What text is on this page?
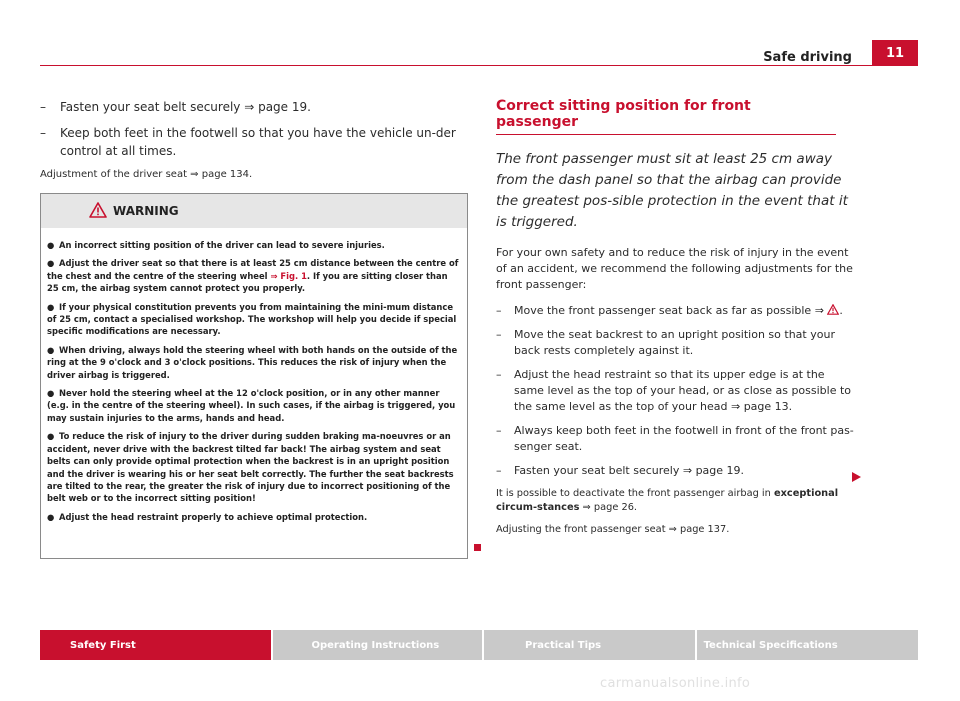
Safe driving	11
– Fasten your seat belt securely ⇒ page 19.
– Keep both feet in the footwell so that you have the vehicle un-der control at all times.

Adjustment of the driver seat ⇒ page 134.

WARNING
● An incorrect sitting position of the driver can lead to severe injuries.
● Adjust the driver seat so that there is at least 25 cm distance between the centre of the chest and the centre of the steering wheel ⇒ Fig. 1. If you are sitting closer than 25 cm, the airbag system cannot protect you properly.
● If your physical constitution prevents you from maintaining the mini-mum distance of 25 cm, contact a specialised workshop. The workshop will help you decide if special specific modifications are necessary.
● When driving, always hold the steering wheel with both hands on the outside of the ring at the 9 o'clock and 3 o'clock positions. This reduces the risk of injury when the driver airbag is triggered.
● Never hold the steering wheel at the 12 o'clock position, or in any other manner (e.g. in the centre of the steering wheel). In such cases, if the airbag is triggered, you may sustain injuries to the arms, hands and head.
● To reduce the risk of injury to the driver during sudden braking ma-noeuvres or an accident, never drive with the backrest tilted far back! The airbag system and seat belts can only provide optimal protection when the backrest is in an upright position and the driver is wearing his or her seat belt correctly. The further the seat backrests are tilted to the rear, the greater the risk of injury due to incorrect positioning of the belt web or to the incorrect sitting position!
● Adjust the head restraint properly to achieve optimal protection.
Correct sitting position for front passenger
The front passenger must sit at least 25 cm away from the dash panel so that the airbag can provide the greatest pos-sible protection in the event that it is triggered.
For your own safety and to reduce the risk of injury in the event of an accident, we recommend the following adjustments for the front passenger:
– Move the front passenger seat back as far as possible ⇒ .
– Move the seat backrest to an upright position so that your back rests completely against it.
– Adjust the head restraint so that its upper edge is at the same level as the top of your head, or as close as possible to the same level as the top of your head ⇒ page 13.
– Always keep both feet in the footwell in front of the front pas-senger seat.
– Fasten your seat belt securely ⇒ page 19.
It is possible to deactivate the front passenger airbag in exceptional circum-stances ⇒ page 26.
Adjusting the front passenger seat ⇒ page 137.
Safety First	Operating Instructions	Practical Tips	Technical Specifications
carmanualsonline.info
